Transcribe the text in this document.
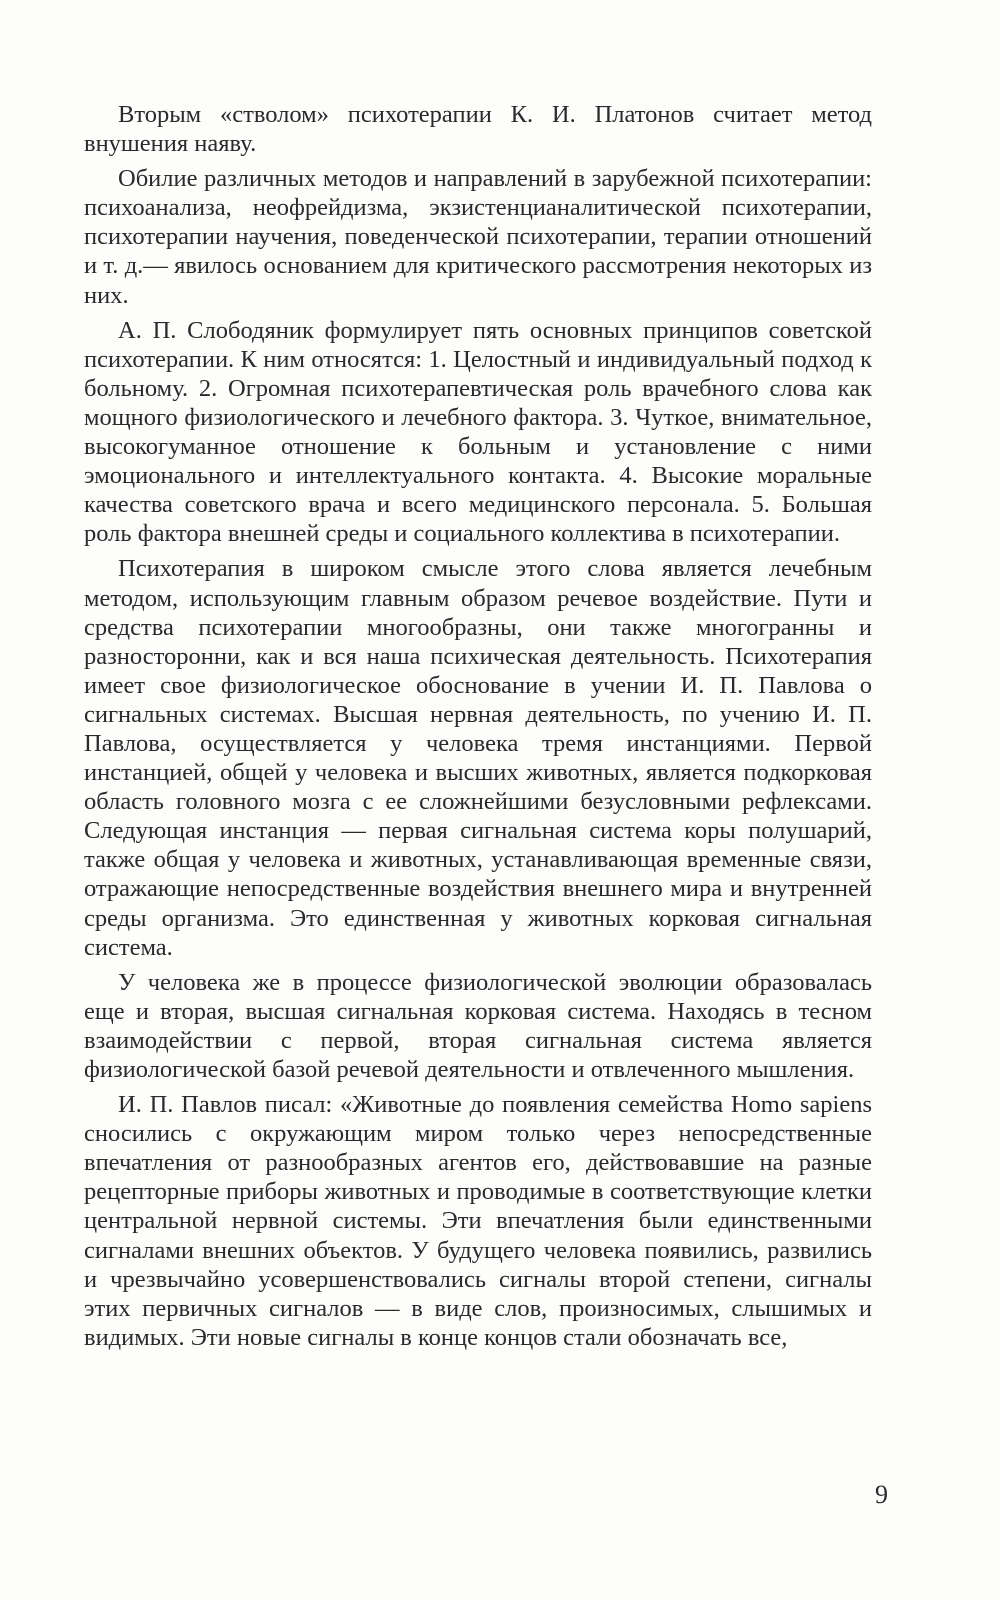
Вторым «стволом» психотерапии К. И. Платонов считает метод внушения наяву.

Обилие различных методов и направлений в зарубежной психотерапии: психоанализа, неофрейдизма, экзистенцианалитической психотерапии, психотерапии научения, поведенческой психотерапии, терапии отношений и т. д.— явилось основанием для критического рассмотрения некоторых из них.

А. П. Слободяник формулирует пять основных принципов советской психотерапии. К ним относятся: 1. Целостный и индивидуальный подход к больному. 2. Огромная психотерапевтическая роль врачебного слова как мощного физиологического и лечебного фактора. 3. Чуткое, внимательное, высокогуманное отношение к больным и установление с ними эмоционального и интеллектуального контакта. 4. Высокие моральные качества советского врача и всего медицинского персонала. 5. Большая роль фактора внешней среды и социального коллектива в психотерапии.

Психотерапия в широком смысле этого слова является лечебным методом, использующим главным образом речевое воздействие. Пути и средства психотерапии многообразны, они также многогранны и разносторонни, как и вся наша психическая деятельность. Психотерапия имеет свое физиологическое обоснование в учении И. П. Павлова о сигнальных системах. Высшая нервная деятельность, по учению И. П. Павлова, осуществляется у человека тремя инстанциями. Первой инстанцией, общей у человека и высших животных, является подкорковая область головного мозга с ее сложнейшими безусловными рефлексами. Следующая инстанция — первая сигнальная система коры полушарий, также общая у человека и животных, устанавливающая временные связи, отражающие непосредственные воздействия внешнего мира и внутренней среды организма. Это единственная у животных корковая сигнальная система.

У человека же в процессе физиологической эволюции образовалась еще и вторая, высшая сигнальная корковая система. Находясь в тесном взаимодействии с первой, вторая сигнальная система является физиологической базой речевой деятельности и отвлеченного мышления.

И. П. Павлов писал: «Животные до появления семейства Homo sapiens сносились с окружающим миром только через непосредственные впечатления от разнообразных агентов его, действовавшие на разные рецепторные приборы животных и проводимые в соответствующие клетки центральной нервной системы. Эти впечатления были единственными сигналами внешних объектов. У будущего человека появились, развились и чрезвычайно усовершенствовались сигналы второй степени, сигналы этих первичных сигналов — в виде слов, произносимых, слышимых и видимых. Эти новые сигналы в конце концов стали обозначать все,

9
